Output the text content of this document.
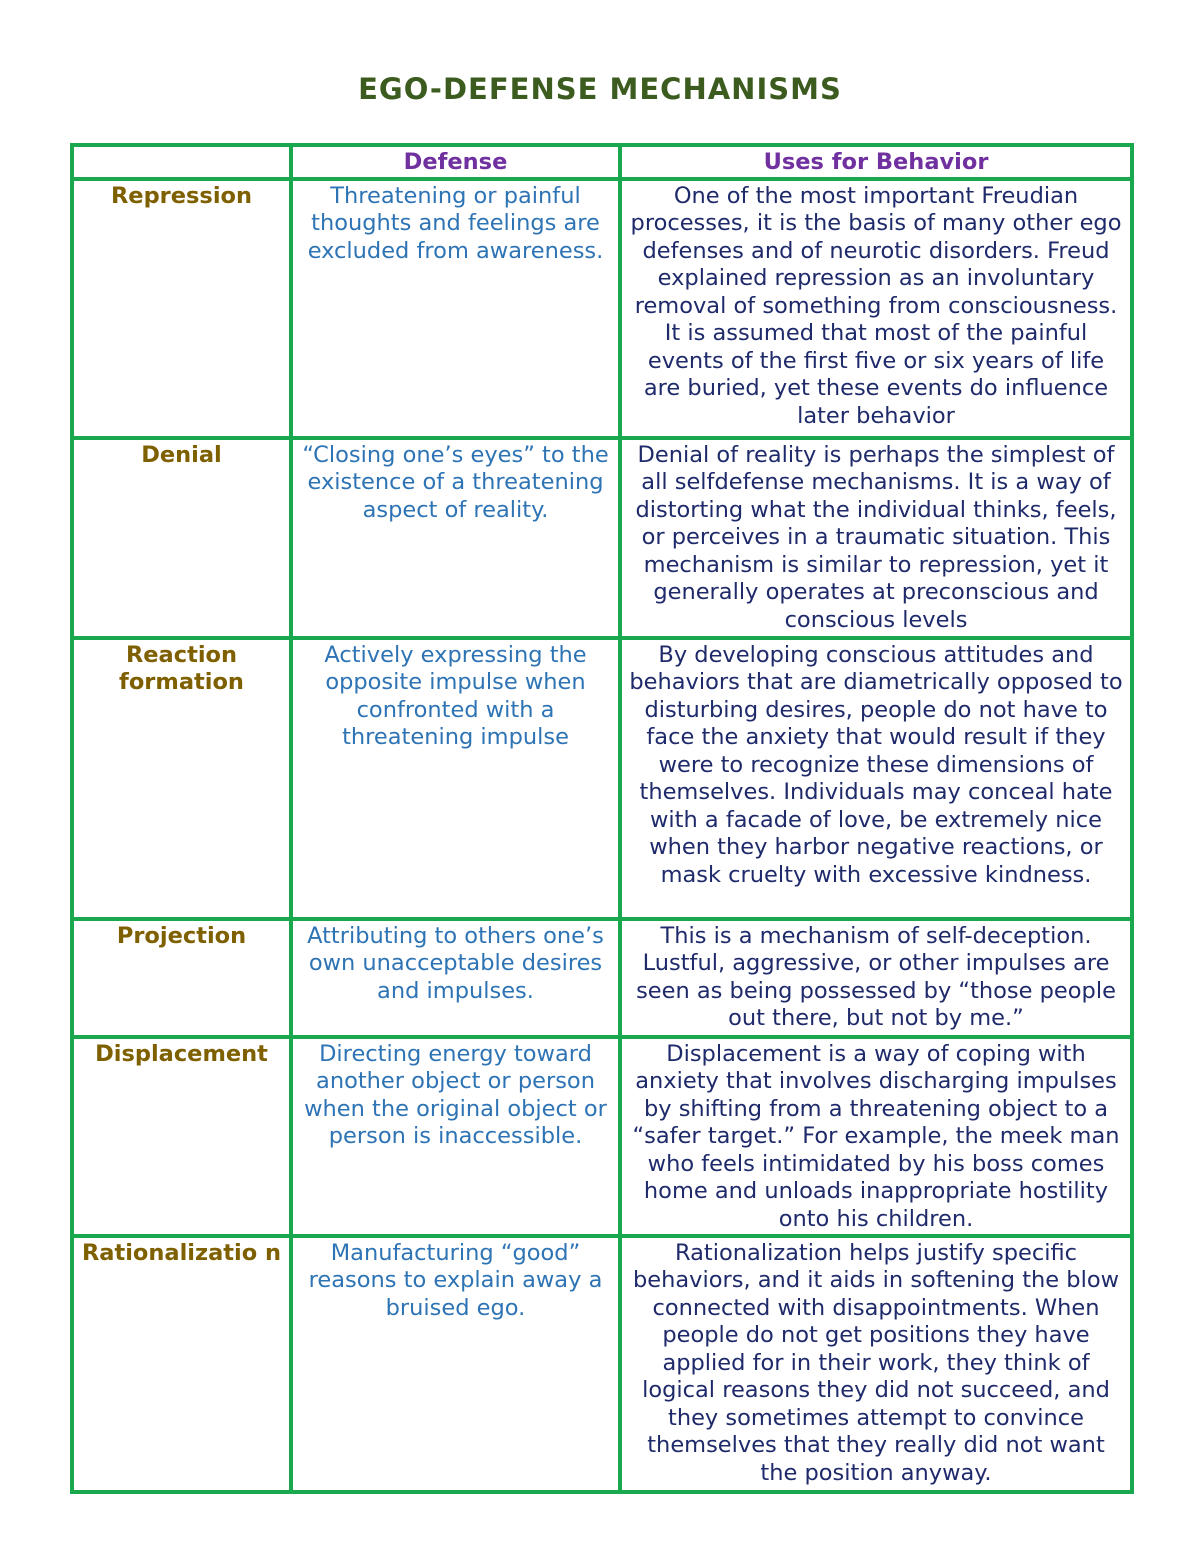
EGO-DEFENSE MECHANISMS
	Defense	Uses for Behavior
Repression	Threatening or painful thoughts and feelings are excluded from awareness.	One of the most important Freudian processes, it is the basis of many other ego defenses and of neurotic disorders. Freud explained repression as an involuntary removal of something from consciousness. It is assumed that most of the painful events of the first five or six years of life are buried, yet these events do influence later behavior
Denial	“Closing one’s eyes” to the existence of a threatening aspect of reality.	Denial of reality is perhaps the simplest of all selfdefense mechanisms. It is a way of distorting what the individual thinks, feels, or perceives in a traumatic situation. This mechanism is similar to repression, yet it generally operates at preconscious and conscious levels
Reaction formation	Actively expressing the opposite impulse when confronted with a threatening impulse	By developing conscious attitudes and behaviors that are diametrically opposed to disturbing desires, people do not have to face the anxiety that would result if they were to recognize these dimensions of themselves. Individuals may conceal hate with a facade of love, be extremely nice when they harbor negative reactions, or mask cruelty with excessive kindness.
Projection	Attributing to others one’s own unacceptable desires and impulses.	This is a mechanism of self-deception. Lustful, aggressive, or other impulses are seen as being possessed by “those people out there, but not by me.”
Displacement	Directing energy toward another object or person when the original object or person is inaccessible.	Displacement is a way of coping with anxiety that involves discharging impulses by shifting from a threatening object to a “safer target.” For example, the meek man who feels intimidated by his boss comes home and unloads inappropriate hostility onto his children.
Rationalizatio n	Manufacturing “good” reasons to explain away a bruised ego.	Rationalization helps justify specific behaviors, and it aids in softening the blow connected with disappointments. When people do not get positions they have applied for in their work, they think of logical reasons they did not succeed, and they sometimes attempt to convince themselves that they really did not want the position anyway.
